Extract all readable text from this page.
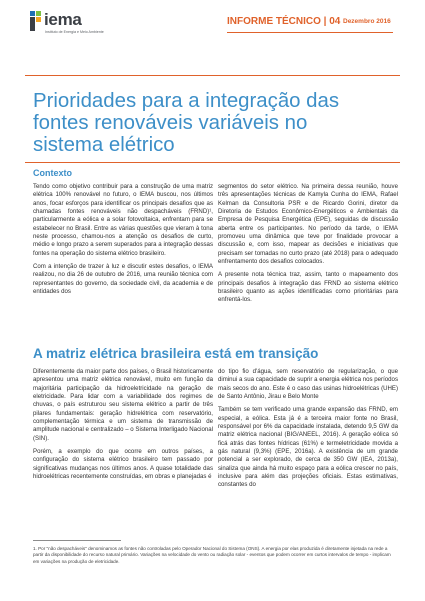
iema
Instituto de Energia e Meio Ambiente
INFORME TÉCNICO | 04 Dezembro 2016
Prioridades para a integração das fontes renováveis variáveis no sistema elétrico
Contexto

Tendo como objetivo contribuir para a construção de uma matriz elétrica 100% renovável no futuro, o IEMA buscou, nos últimos anos, focar esforços para identificar os principais desafios que as chamadas fontes renováveis não despacháveis (FRND)¹, particularmente a eólica e a solar fotovoltaica, enfrentam para se estabelecer no Brasil. Entre as várias questões que vieram à tona neste processo, chamou-nos a atenção os desafios de curto, médio e longo prazo a serem superados para a integração dessas fontes na operação do sistema elétrico brasileiro.

Com a intenção de trazer à luz e discutir estes desafios, o IEMA realizou, no dia 26 de outubro de 2016, uma reunião técnica com representantes do governo, da sociedade civil, da academia e de entidades dos

segmentos do setor elétrico. Na primeira dessa reunião, houve três apresentações técnicas de Kamyla Cunha do IEMA, Rafael Kelman da Consultoria PSR e de Ricardo Gorini, diretor da Diretoria de Estudos Econômico-Energéticos e Ambientais da Empresa de Pesquisa Energética (EPE), seguidas de discussão aberta entre os participantes. No período da tarde, o IEMA promoveu uma dinâmica que teve por finalidade provocar a discussão e, com isso, mapear as decisões e iniciativas que precisam ser tomadas no curto prazo (até 2018) para o adequado enfrentamento dos desafios colocados.

A presente nota técnica traz, assim, tanto o mapeamento dos principais desafios à integração das FRND ao sistema elétrico brasileiro quanto as ações identificadas como prioritárias para enfrentá-los.

A matriz elétrica brasileira está em transição

Diferentemente da maior parte dos países, o Brasil historicamente apresentou uma matriz elétrica renovável, muito em função da majoritária participação da hidroeletricidade na geração de eletricidade. Para lidar com a variabilidade dos regimes de chuvas, o país estruturou seu sistema elétrico a partir de três pilares fundamentais: geração hidrelétrica com reservatório, complementação térmica e um sistema de transmissão de amplitude nacional e centralizado – o Sistema Interligado Nacional (SIN).

Porém, a exemplo do que ocorre em outros países, a configuração do sistema elétrico brasileiro tem passado por significativas mudanças nos últimos anos. A quase totalidade das hidroelétricas recentemente construídas, em obras e planejadas é

do tipo fio d'água, sem reservatório de regularização, o que diminui a sua capacidade de suprir a energia elétrica nos períodos mais secos do ano. Este é o caso das usinas hidroelétricas (UHE) de Santo Antônio, Jirau e Belo Monte

Também se tem verificado uma grande expansão das FRND, em especial, a eólica. Esta já é a terceira maior fonte no Brasil, responsável por 6% da capacidade instalada, detendo 9,5 GW da matriz elétrica nacional (BIG/ANEEL, 2016). A geração eólica só ficá atrás das fontes hídricas (61%) e termeletricidade movida a gás natural (9,3%) (EPE, 2016a). A existência de um grande potencial a ser explorado, de cerca de 350 GW (IEA, 2013a), sinaliza que ainda há muito espaço para a eólica crescer no país, inclusive para além das projeções oficiais. Estas estimativas, constantes do

1. Por "não despacháveis" denominamos as fontes não controladas pelo Operador Nacional do Sistema (ONS). A energia por elas produzida é diretamente injetada na rede a partir da disponibilidade do recurso natural primário. Variações na velocidade do vento ou radiação solar - eventos que podem ocorrer em curtos intervalos de tempo - implicam em variações na produção de eletricidade.
